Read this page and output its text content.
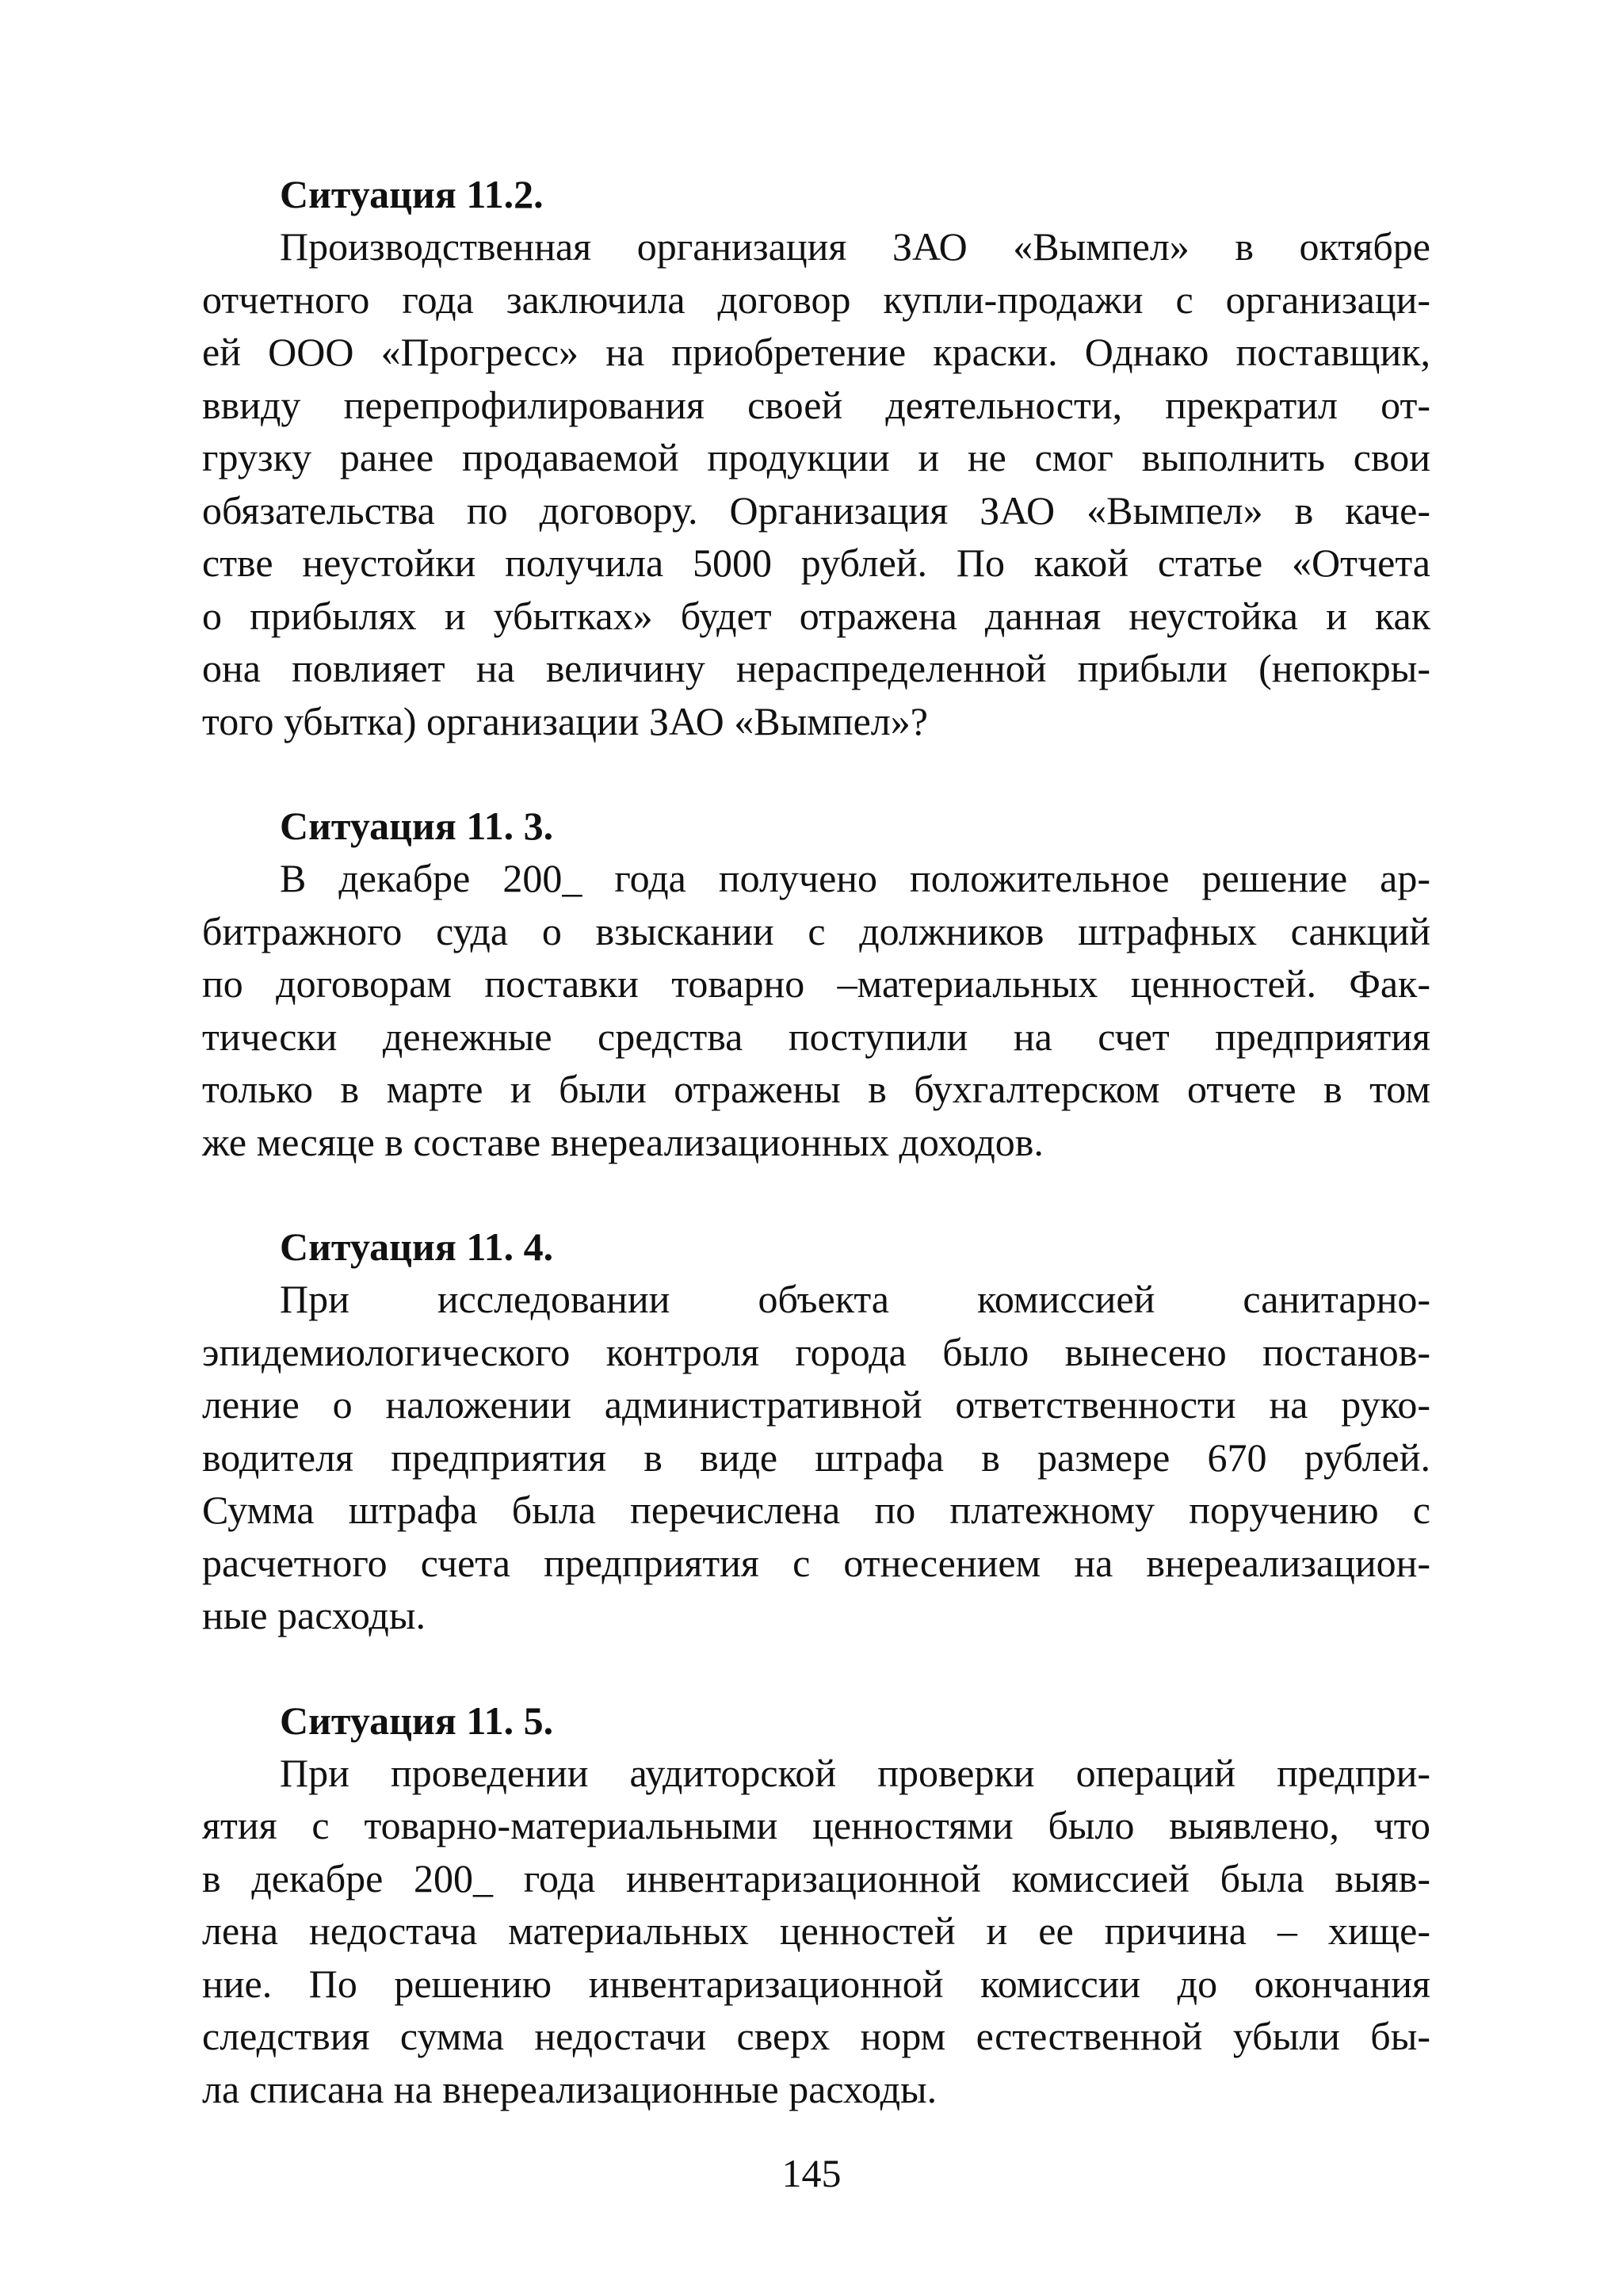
Ситуация 11.2.

Производственная организация ЗАО «Вымпел» в октябре
отчетного года заключила договор купли-продажи с организаци-
ей ООО «Прогресс» на приобретение краски. Однако поставщик,
ввиду перепрофилирования своей деятельности, прекратил от-
грузку ранее продаваемой продукции и не смог выполнить свои
обязательства по договору. Организация ЗАО «Вымпел» в каче-
стве неустойки получила 5000 рублей. По какой статье «Отчета
о прибылях и убытках» будет отражена данная неустойка и как
она повлияет на величину нераспределенной прибыли (непокры-
того убытка) организации ЗАО «Вымпел»?

Ситуация 11. 3.

В декабре 200_ года получено положительное решение ар-
битражного суда о взыскании с должников штрафных санкций
по договорам поставки товарно –материальных ценностей. Фак-
тически денежные средства поступили на счет предприятия
только в марте и были отражены в бухгалтерском отчете в том
же месяце в составе внереализационных доходов.

Ситуация 11. 4.

При исследовании объекта комиссией санитарно-
эпидемиологического контроля города было вынесено постанов-
ление о наложении административной ответственности на руко-
водителя предприятия в виде штрафа в размере 670 рублей.
Сумма штрафа была перечислена по платежному поручению с
расчетного счета предприятия с отнесением на внереализацион-
ные расходы.

Ситуация 11. 5.

При проведении аудиторской проверки операций предпри-
ятия с товарно-материальными ценностями было выявлено, что
в декабре 200_ года инвентаризационной комиссией была выяв-
лена недостача материальных ценностей и ее причина – хище-
ние. По решению инвентаризационной комиссии до окончания
следствия сумма недостачи сверх норм естественной убыли бы-
ла списана на внереализационные расходы.
145
